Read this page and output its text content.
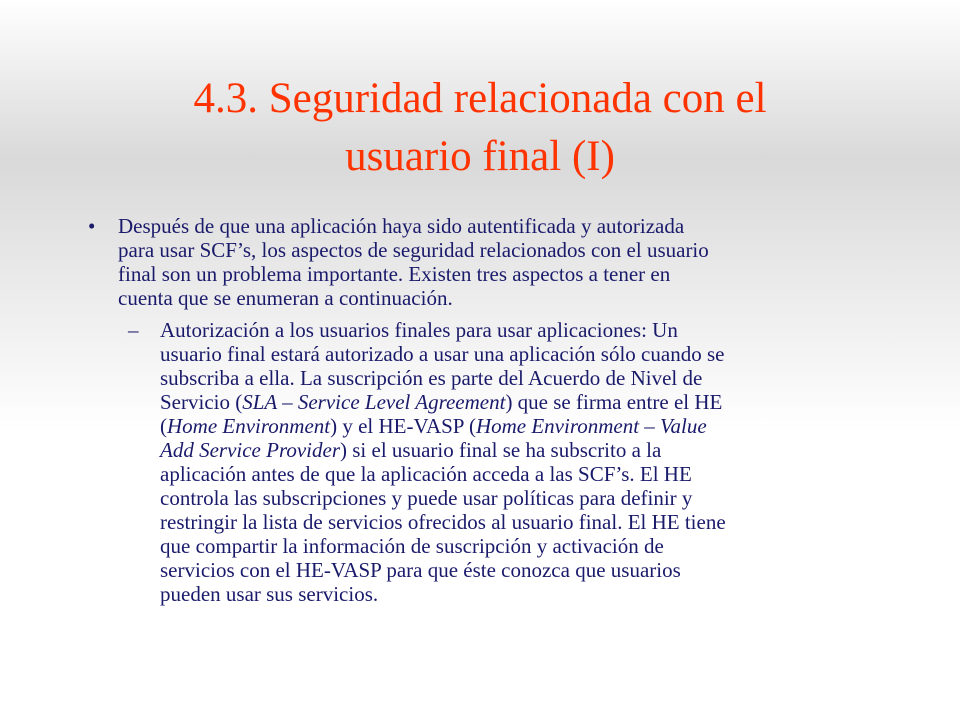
4.3. Seguridad relacionada con el
usuario final (I)
•	Después de que una aplicación haya sido autentificada y autorizada
para usar SCF’s, los aspectos de seguridad relacionados con el usuario
final son un problema importante. Existen tres aspectos a tener en
cuenta que se enumeran a continuación.
–	Autorización a los usuarios finales para usar aplicaciones: Un
usuario final estará autorizado a usar una aplicación sólo cuando se
subscriba a ella. La suscripción es parte del Acuerdo de Nivel de
Servicio (SLA – Service Level Agreement) que se firma entre el HE
(Home Environment) y el HE-VASP (Home Environment – Value
Add Service Provider) si el usuario final se ha subscrito a la
aplicación antes de que la aplicación acceda a las SCF’s. El HE
controla las subscripciones y puede usar políticas para definir y
restringir la lista de servicios ofrecidos al usuario final. El HE tiene
que compartir la información de suscripción y activación de
servicios con el HE-VASP para que éste conozca que usuarios
pueden usar sus servicios.
